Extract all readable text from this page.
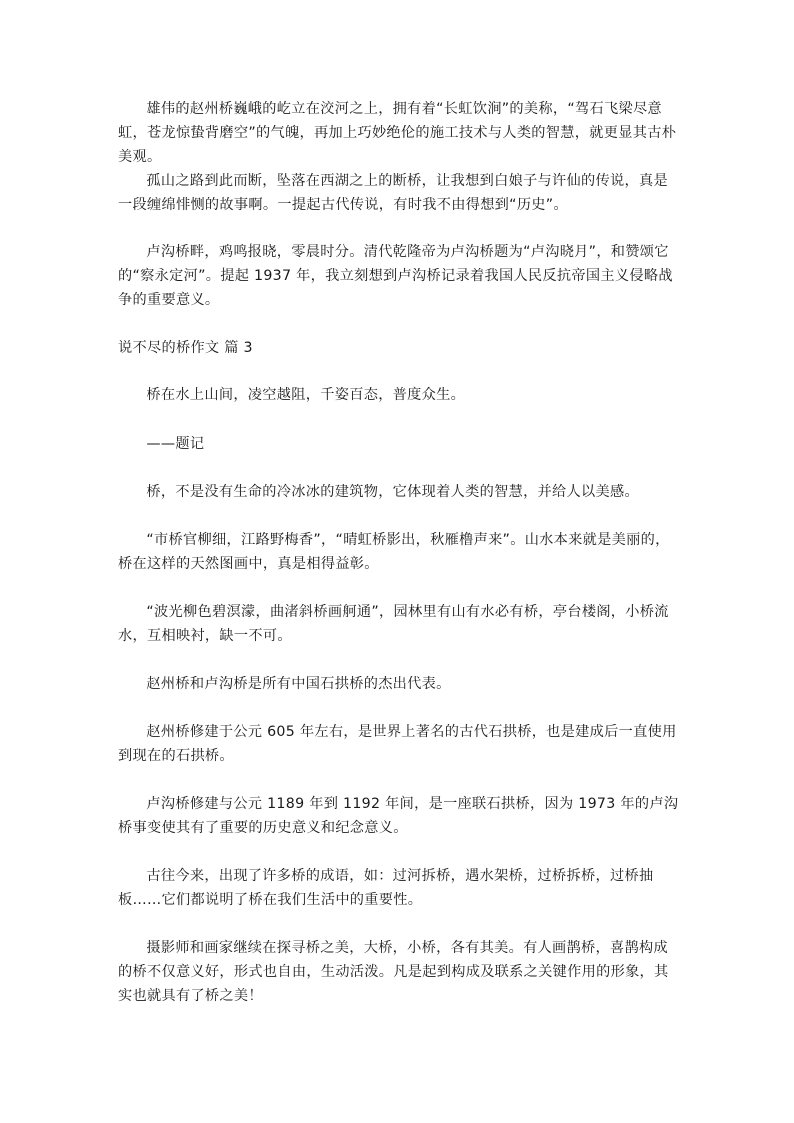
雄伟的赵州桥巍峨的屹立在洨河之上，拥有着“长虹饮涧”的美称，“驾石飞梁尽意虹，苍龙惊蛰背磨空”的气魄，再加上巧妙绝伦的施工技术与人类的智慧，就更显其古朴美观。

孤山之路到此而断，坠落在西湖之上的断桥，让我想到白娘子与许仙的传说，真是一段缠绵悱恻的故事啊。一提起古代传说，有时我不由得想到“历史”。

卢沟桥畔，鸡鸣报晓，零晨时分。清代乾隆帝为卢沟桥题为“卢沟晓月”，和赞颂它的“察永定河”。提起 1937 年，我立刻想到卢沟桥记录着我国人民反抗帝国主义侵略战争的重要意义。

说不尽的桥作文 篇 3

桥在水上山间，凌空越阻，千姿百态，普度众生。

——题记

桥，不是没有生命的冷冰冰的建筑物，它体现着人类的智慧，并给人以美感。

“市桥官柳细，江路野梅香”，“晴虹桥影出，秋雁橹声来”。山水本来就是美丽的，桥在这样的天然图画中，真是相得益彰。

“波光柳色碧溟濛，曲渚斜桥画舸通”，园林里有山有水必有桥，亭台楼阁，小桥流水，互相映衬，缺一不可。

赵州桥和卢沟桥是所有中国石拱桥的杰出代表。

赵州桥修建于公元 605 年左右，是世界上著名的古代石拱桥，也是建成后一直使用到现在的石拱桥。

卢沟桥修建与公元 1189 年到 1192 年间，是一座联石拱桥，因为 1973 年的卢沟桥事变使其有了重要的历史意义和纪念意义。

古往今来，出现了许多桥的成语，如：过河拆桥，遇水架桥，过桥拆桥，过桥抽板……它们都说明了桥在我们生活中的重要性。

摄影师和画家继续在探寻桥之美，大桥，小桥，各有其美。有人画鹊桥，喜鹊构成的桥不仅意义好，形式也自由，生动活泼。凡是起到构成及联系之关键作用的形象，其实也就具有了桥之美！
